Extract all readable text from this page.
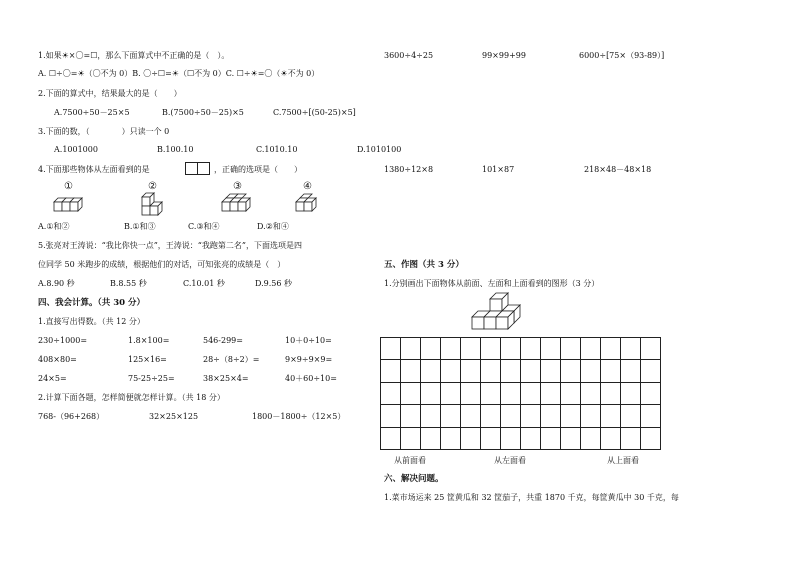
1.如果☀×〇=☐，那么下面算式中不正确的是（　）。
A. ☐÷〇=☀（〇不为 0）B. 〇÷☐=☀（☐不为 0）C. ☐÷☀=〇（☀不为 0）
2.下面的算式中，结果最大的是（　　）
A.7500÷50－25×5	B.(7500÷50－25)×5	C.7500÷[(50-25)×5]
3.下面的数，（　　　　）只读一个 0
A.1001000	B.100.10	C.1010.10	D.1010100
4.下面那些物体从左面看到的是	，正确的选项是（　　）
①	②	③	④
A.①和②	B.①和③	C.③和④	D.②和④
5.张亮对王涛说：“我比你快一点”，王涛说：“我跑第二名”，下面选项是四
位同学 50 米跑步的成绩，根据他们的对话，可知张亮的成绩是（　）
A.8.90 秒	B.8.55 秒	C.10.01 秒	D.9.56 秒
四、我会计算。（共 30 分）
1.直接写出得数。（共 12 分）
230÷1000=	1.8×100=	546-299=	10＋0÷10=
408×80=	125×16=	28÷（8÷2）=	9×9÷9×9=
24×5=	75-25÷25=	38×25×4=	40＋60÷10=
2.计算下面各题，怎样简便就怎样计算。（共 18 分）
768-（96+268）	32×25×125	1800－1800÷（12×5）
3600÷4÷25	99×99+99	6000÷[75×（93-89）]
1380÷12×8	101×87	218×48－48×18
五、作图（共 3 分）
1.分别画出下面物体从前面、左面和上面看到的图形（3 分）
从前面看	从左面看	从上面看
六、解决问题。
1.菜市场运来 25 筐黄瓜和 32 筐茄子，共重 1870 千克，每筐黄瓜中 30 千克，每
